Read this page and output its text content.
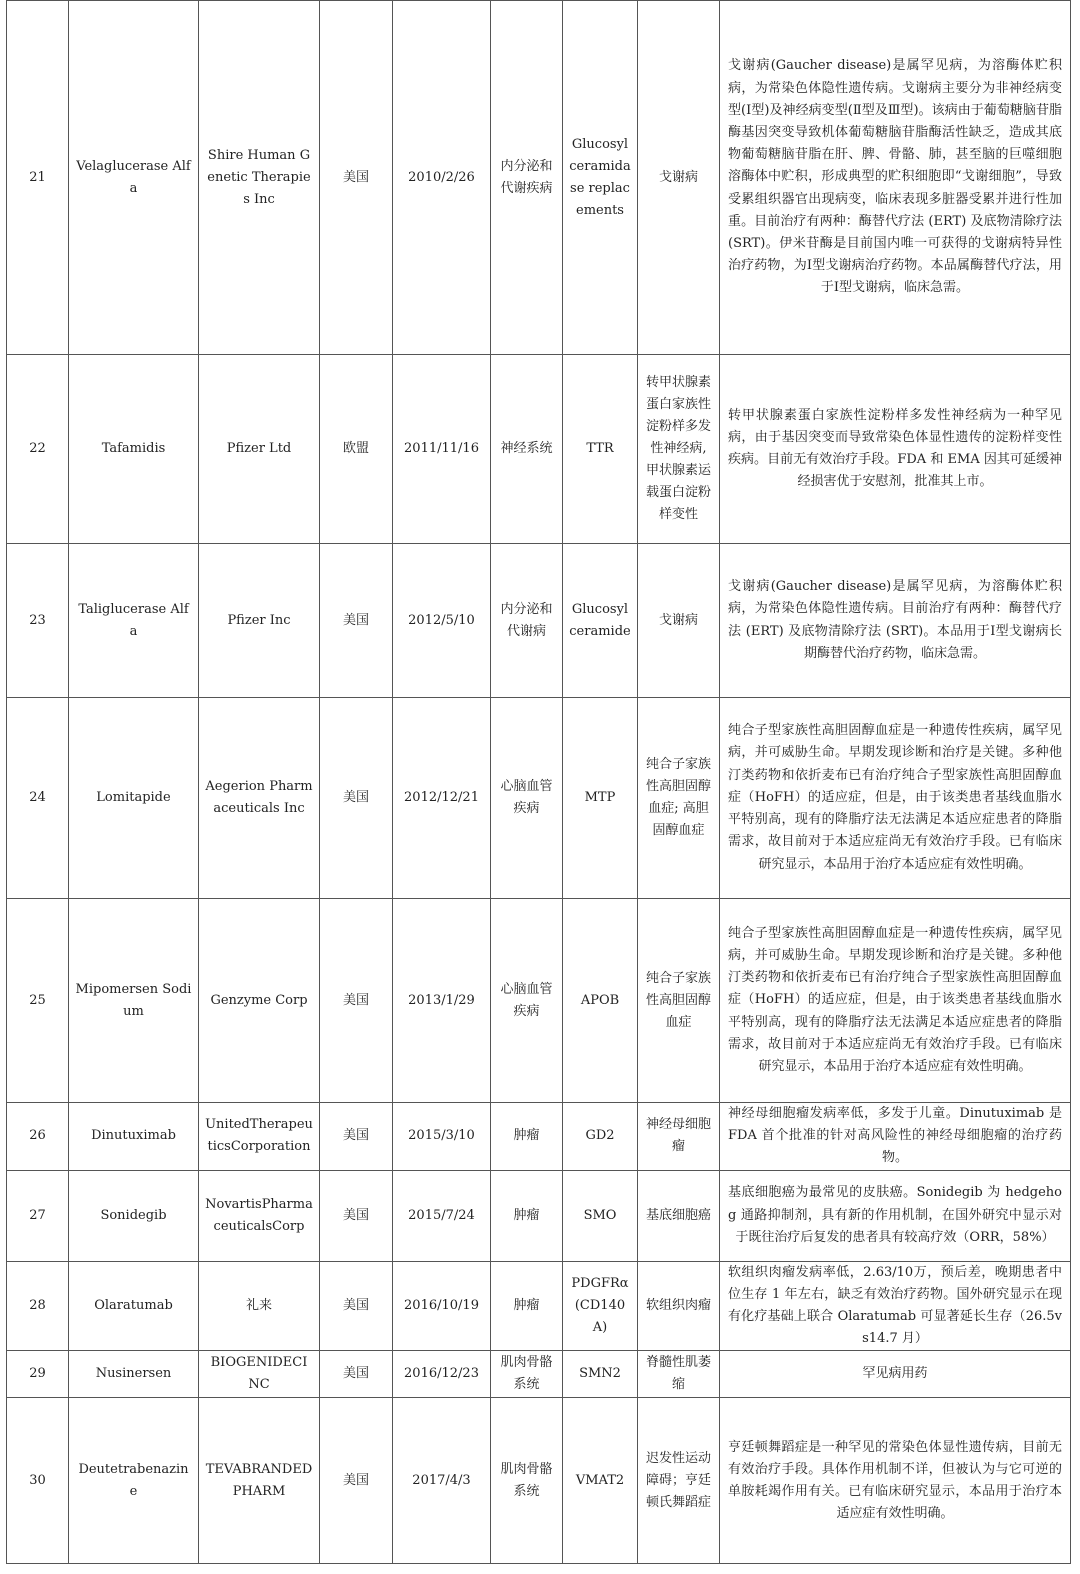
21	Velaglucerase Alfa	Shire Human Genetic Therapies Inc	美国	2010/2/26	内分泌和代谢疾病	Glucosylceramidase replacements	戈谢病	戈谢病(Gaucher disease)是属罕见病，为溶酶体贮积病，为常染色体隐性遗传病。戈谢病主要分为非神经病变型(Ⅰ型)及神经病变型(Ⅱ型及Ⅲ型)。该病由于葡萄糖脑苷脂酶基因突变导致机体葡萄糖脑苷脂酶活性缺乏，造成其底物葡萄糖脑苷脂在肝、脾、骨骼、肺，甚至脑的巨噬细胞溶酶体中贮积，形成典型的贮积细胞即“戈谢细胞”，导致受累组织器官出现病变，临床表现多脏器受累并进行性加重。目前治疗有两种：酶替代疗法 (ERT) 及底物清除疗法 (SRT)。伊米苷酶是目前国内唯一可获得的戈谢病特异性治疗药物，为Ⅰ型戈谢病治疗药物。本品属酶替代疗法，用于Ⅰ型戈谢病，临床急需。
22	Tafamidis	Pfizer Ltd	欧盟	2011/11/16	神经系统	TTR	转甲状腺素蛋白家族性淀粉样多发性神经病,甲状腺素运载蛋白淀粉样变性	转甲状腺素蛋白家族性淀粉样多发性神经病为一种罕见病，由于基因突变而导致常染色体显性遗传的淀粉样变性疾病。目前无有效治疗手段。FDA 和 EMA 因其可延缓神经损害优于安慰剂，批准其上市。
23	Taliglucerase Alfa	Pfizer Inc	美国	2012/5/10	内分泌和代谢病	Glucosylceramide	戈谢病	戈谢病(Gaucher disease)是属罕见病，为溶酶体贮积病，为常染色体隐性遗传病。目前治疗有两种：酶替代疗法 (ERT) 及底物清除疗法 (SRT)。本品用于Ⅰ型戈谢病长期酶替代治疗药物，临床急需。
24	Lomitapide	Aegerion Pharmaceuticals Inc	美国	2012/12/21	心脑血管疾病	MTP	纯合子家族性高胆固醇血症; 高胆固醇血症	纯合子型家族性高胆固醇血症是一种遗传性疾病，属罕见病，并可威胁生命。早期发现诊断和治疗是关键。多种他汀类药物和依折麦布已有治疗纯合子型家族性高胆固醇血症（HoFH）的适应症，但是，由于该类患者基线血脂水平特别高，现有的降脂疗法无法满足本适应症患者的降脂需求，故目前对于本适应症尚无有效治疗手段。已有临床研究显示，本品用于治疗本适应症有效性明确。
25	Mipomersen Sodium	Genzyme Corp	美国	2013/1/29	心脑血管疾病	APOB	纯合子家族性高胆固醇血症	纯合子型家族性高胆固醇血症是一种遗传性疾病，属罕见病，并可威胁生命。早期发现诊断和治疗是关键。多种他汀类药物和依折麦布已有治疗纯合子型家族性高胆固醇血症（HoFH）的适应症，但是，由于该类患者基线血脂水平特别高，现有的降脂疗法无法满足本适应症患者的降脂需求，故目前对于本适应症尚无有效治疗手段。已有临床研究显示，本品用于治疗本适应症有效性明确。
26	Dinutuximab	UnitedTherapeuticsCorporation	美国	2015/3/10	肿瘤	GD2	神经母细胞瘤	神经母细胞瘤发病率低，多发于儿童。Dinutuximab 是 FDA 首个批准的针对高风险性的神经母细胞瘤的治疗药物。
27	Sonidegib	NovartisPharmaceuticalsCorp	美国	2015/7/24	肿瘤	SMO	基底细胞癌	基底细胞癌为最常见的皮肤癌。Sonidegib 为 hedgehog 通路抑制剂，具有新的作用机制，在国外研究中显示对于既往治疗后复发的患者具有较高疗效（ORR，58%）
28	Olaratumab	礼来	美国	2016/10/19	肿瘤	PDGFRα (CD140A)	软组织肉瘤	软组织肉瘤发病率低，2.63/10万，预后差，晚期患者中位生存 1 年左右，缺乏有效治疗药物。国外研究显示在现有化疗基础上联合 Olaratumab 可显著延长生存（26.5vs14.7 月）
29	Nusinersen	BIOGENIDECINC	美国	2016/12/23	肌肉骨骼系统	SMN2	脊髓性肌萎缩	罕见病用药
30	Deutetrabenazine	TEVABRANDEDPHARM	美国	2017/4/3	肌肉骨骼系统	VMAT2	迟发性运动障碍；亨廷顿氏舞蹈症	亨廷顿舞蹈症是一种罕见的常染色体显性遗传病，目前无有效治疗手段。具体作用机制不详，但被认为与它可逆的单胺耗竭作用有关。已有临床研究显示，本品用于治疗本适应症有效性明确。
